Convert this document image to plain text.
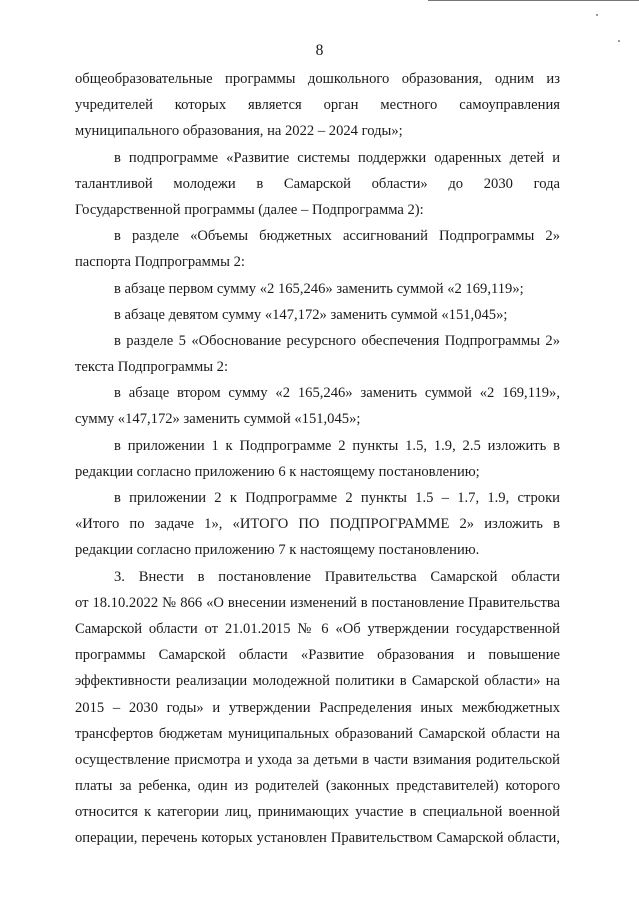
8
общеобразовательные программы дошкольного образования, одним из
учредителей которых является орган местного самоуправления
муниципального образования, на 2022 – 2024 годы»;
в подпрограмме «Развитие системы поддержки одаренных детей и
талантливой молодежи в Самарской области» до 2030 года
Государственной программы (далее – Подпрограмма 2):
в разделе «Объемы бюджетных ассигнований Подпрограммы 2»
паспорта Подпрограммы 2:
в абзаце первом сумму «2 165,246» заменить суммой «2 169,119»;
в абзаце девятом сумму «147,172» заменить суммой «151,045»;
в разделе 5 «Обоснование ресурсного обеспечения Подпрограммы 2»
текста Подпрограммы 2:
в абзаце втором сумму «2 165,246» заменить суммой «2 169,119»,
сумму «147,172» заменить суммой «151,045»;
в приложении 1 к Подпрограмме 2 пункты 1.5, 1.9, 2.5 изложить в
редакции согласно приложению 6 к настоящему постановлению;
в приложении 2 к Подпрограмме 2 пункты 1.5 – 1.7, 1.9, строки
«Итого по задаче 1», «ИТОГО ПО ПОДПРОГРАММЕ 2» изложить в
редакции согласно приложению 7 к настоящему постановлению.
3. Внести в постановление Правительства Самарской области
от 18.10.2022 № 866 «О внесении изменений в постановление Правительства
Самарской области от 21.01.2015 № 6 «Об утверждении государственной
программы Самарской области «Развитие образования и повышение
эффективности реализации молодежной политики в Самарской области» на
2015 – 2030 годы» и утверждении Распределения иных межбюджетных
трансфертов бюджетам муниципальных образований Самарской области на
осуществление присмотра и ухода за детьми в части взимания родительской
платы за ребенка, один из родителей (законных представителей) которого
относится к категории лиц, принимающих участие в специальной военной
операции, перечень которых установлен Правительством Самарской области,
